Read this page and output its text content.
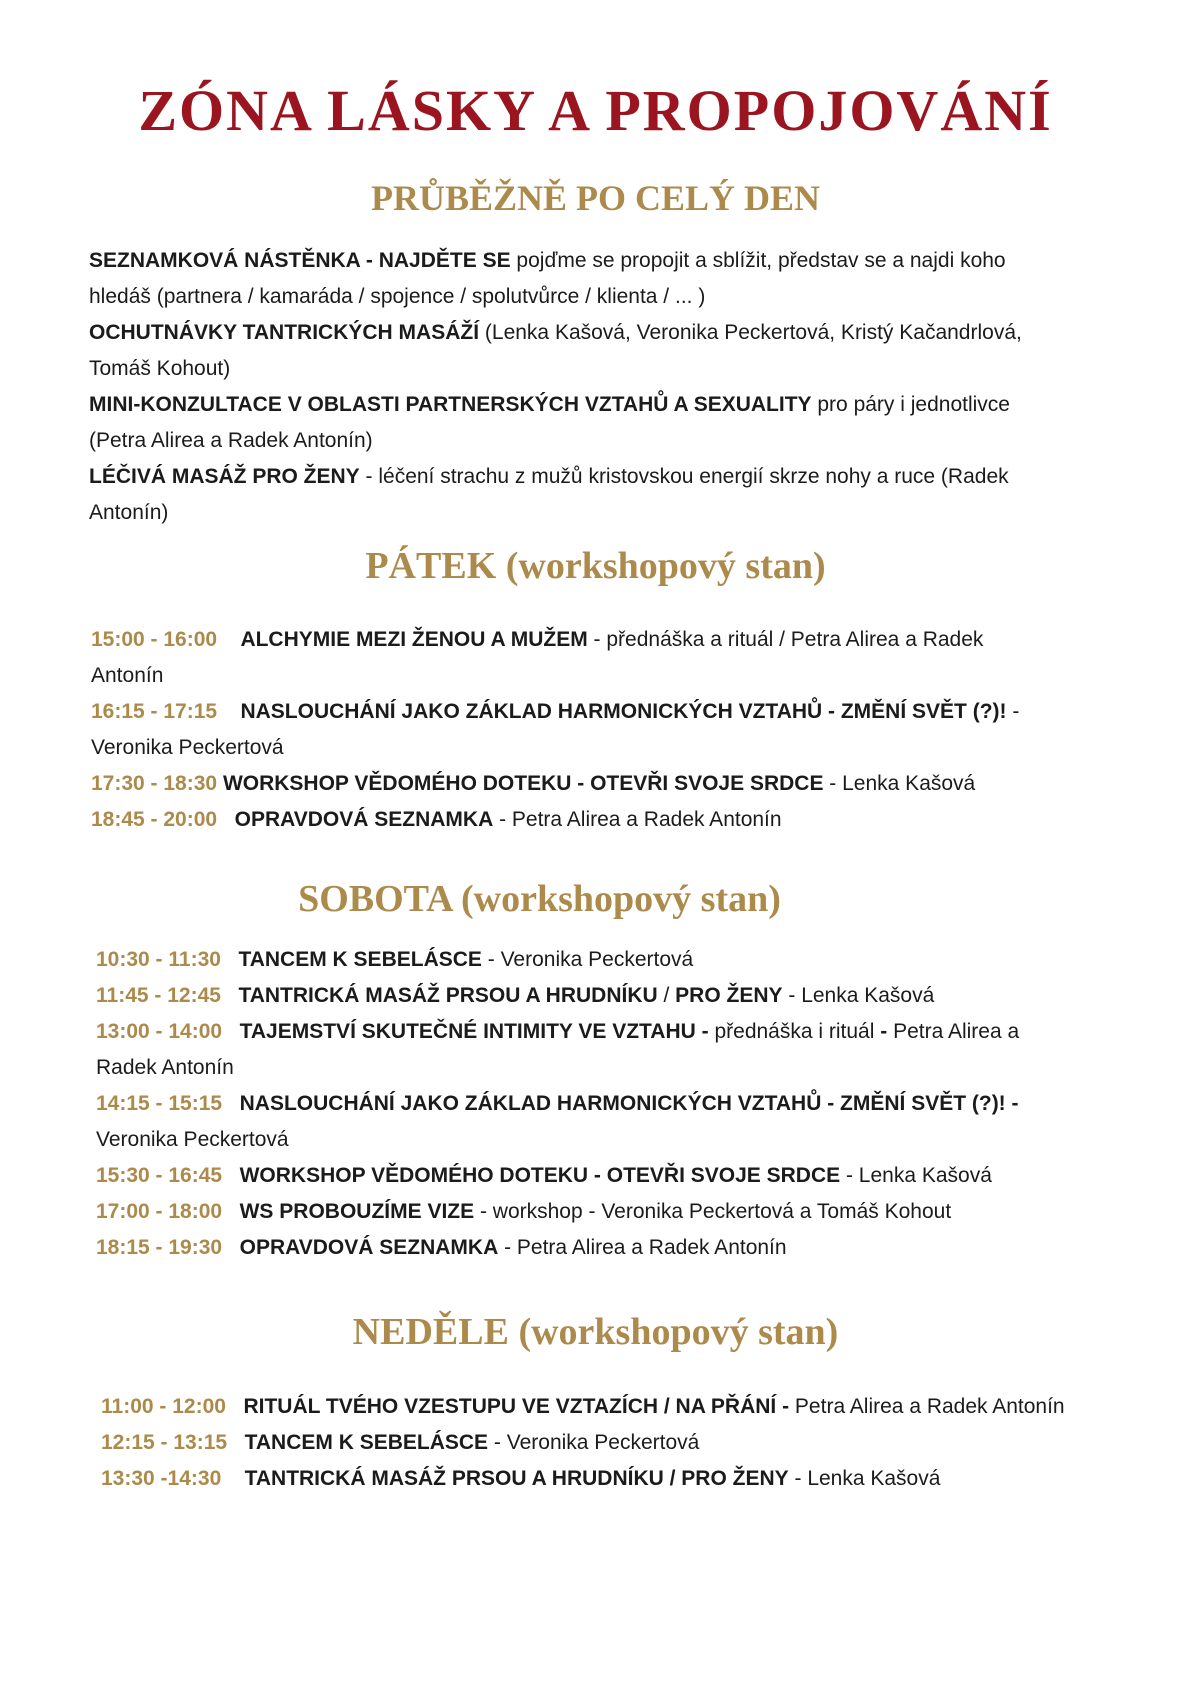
ZÓNA LÁSKY A PROPOJOVÁNÍ
PRŮBĚŽNĚ PO CELÝ DEN

SEZNAMKOVÁ NÁSTĚNKA - NAJDĚTE SE pojďme se propojit a sblížit, představ se a najdi koho

hledáš (partnera / kamaráda / spojence / spolutvůrce / klienta / ... )

OCHUTNÁVKY TANTRICKÝCH MASÁŽÍ (Lenka Kašová, Veronika Peckertová, Kristý Kačandrlová,

Tomáš Kohout)

MINI-KONZULTACE V OBLASTI PARTNERSKÝCH VZTAHŮ A SEXUALITY pro páry i jednotlivce

(Petra Alirea a Radek Antonín)

LÉČIVÁ MASÁŽ PRO ŽENY - léčení strachu z mužů kristovskou energií skrze nohy a ruce (Radek

Antonín)

PÁTEK (workshopový stan)

15:00 - 16:00 ALCHYMIE MEZI ŽENOU A MUŽEM - přednáška a rituál / Petra Alirea a Radek

Antonín

16:15 - 17:15 NASLOUCHÁNÍ JAKO ZÁKLAD HARMONICKÝCH VZTAHŮ - ZMĚNÍ SVĚT (?)! -

Veronika Peckertová

17:30 - 18:30 WORKSHOP VĚDOMÉHO DOTEKU - OTEVŘI SVOJE SRDCE - Lenka Kašová

18:45 - 20:00 OPRAVDOVÁ SEZNAMKA - Petra Alirea a Radek Antonín

SOBOTA (workshopový stan)

10:30 - 11:30 TANCEM K SEBELÁSCE - Veronika Peckertová

11:45 - 12:45 TANTRICKÁ MASÁŽ PRSOU A HRUDNÍKU / PRO ŽENY - Lenka Kašová

13:00 - 14:00 TAJEMSTVÍ SKUTEČNÉ INTIMITY VE VZTAHU - přednáška i rituál - Petra Alirea a

Radek Antonín

14:15 - 15:15 NASLOUCHÁNÍ JAKO ZÁKLAD HARMONICKÝCH VZTAHŮ - ZMĚNÍ SVĚT (?)! -

Veronika Peckertová

15:30 - 16:45 WORKSHOP VĚDOMÉHO DOTEKU - OTEVŘI SVOJE SRDCE - Lenka Kašová

17:00 - 18:00 WS PROBOUZÍME VIZE - workshop - Veronika Peckertová a Tomáš Kohout

18:15 - 19:30 OPRAVDOVÁ SEZNAMKA - Petra Alirea a Radek Antonín

NEDĚLE (workshopový stan)

11:00 - 12:00 RITUÁL TVÉHO VZESTUPU VE VZTAZÍCH / NA PŘÁNÍ - Petra Alirea a Radek Antonín

12:15 - 13:15 TANCEM K SEBELÁSCE - Veronika Peckertová

13:30 -14:30 TANTRICKÁ MASÁŽ PRSOU A HRUDNÍKU / PRO ŽENY - Lenka Kašová
